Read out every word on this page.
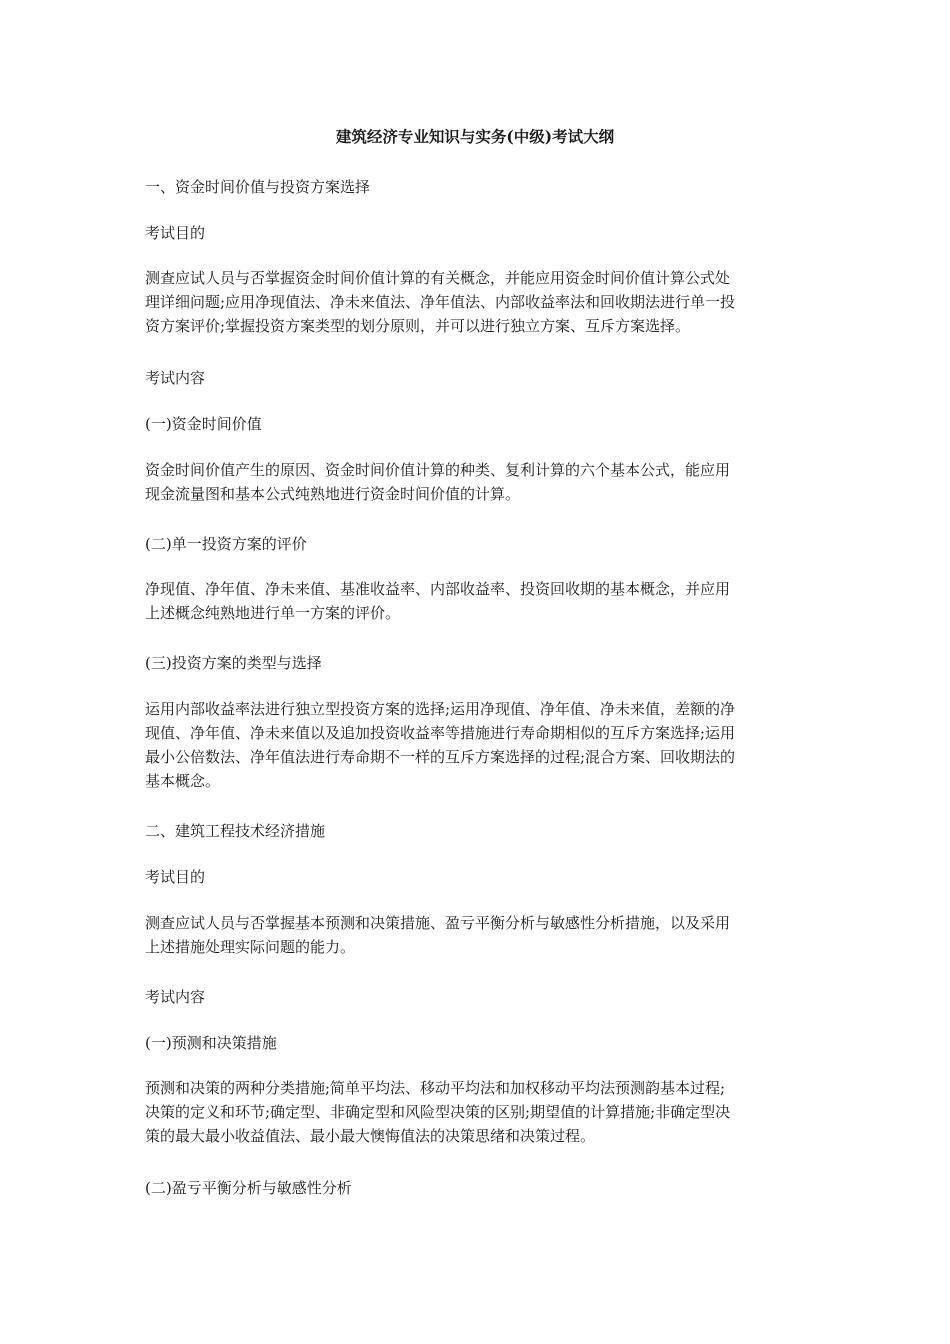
建筑经济专业知识与实务(中级)考试大纲

一、资金时间价值与投资方案选择

考试目的

测查应试人员与否掌握资金时间价值计算的有关概念，并能应用资金时间价值计算公式处
理详细问题;应用净现值法、净未来值法、净年值法、内部收益率法和回收期法进行单一投
资方案评价;掌握投资方案类型的划分原则，并可以进行独立方案、互斥方案选择。

考试内容

(一)资金时间价值

资金时间价值产生的原因、资金时间价值计算的种类、复利计算的六个基本公式，能应用
现金流量图和基本公式纯熟地进行资金时间价值的计算。

(二)单一投资方案的评价

净现值、净年值、净未来值、基准收益率、内部收益率、投资回收期的基本概念，并应用
上述概念纯熟地进行单一方案的评价。

(三)投资方案的类型与选择

运用内部收益率法进行独立型投资方案的选择;运用净现值、净年值、净未来值，差额的净
现值、净年值、净未来值以及追加投资收益率等措施进行寿命期相似的互斥方案选择;运用
最小公倍数法、净年值法进行寿命期不一样的互斥方案选择的过程;混合方案、回收期法的
基本概念。

二、建筑工程技术经济措施

考试目的

测查应试人员与否掌握基本预测和决策措施、盈亏平衡分析与敏感性分析措施，以及采用
上述措施处理实际问题的能力。

考试内容

(一)预测和决策措施

预测和决策的两种分类措施;简单平均法、移动平均法和加权移动平均法预测韵基本过程;
决策的定义和环节;确定型、非确定型和风险型决策的区别;期望值的计算措施;非确定型决
策的最大最小收益值法、最小最大懊悔值法的决策思绪和决策过程。

(二)盈亏平衡分析与敏感性分析
